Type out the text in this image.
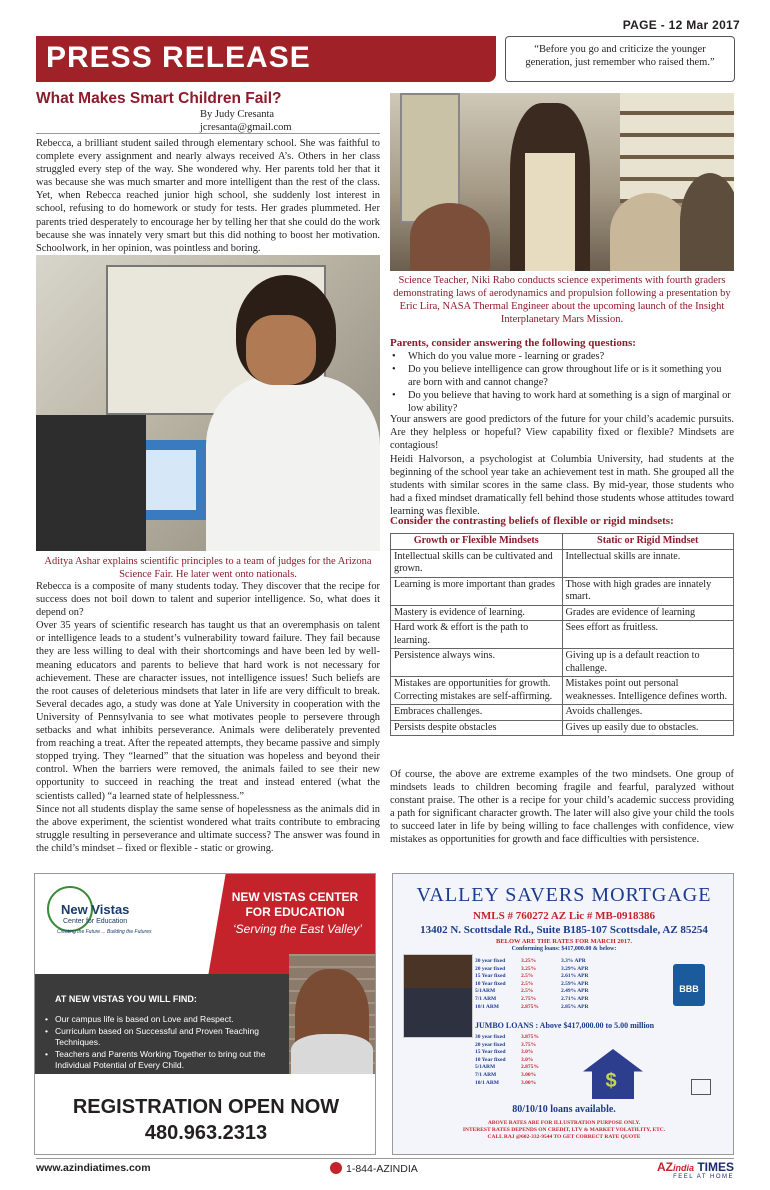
PAGE - 12 Mar 2017
PRESS RELEASE	“Before you go and criticize the younger generation, just remember who raised them.”
What Makes Smart Children Fail?
By Judy Cresanta
jcresanta@gmail.com
Rebecca, a brilliant student sailed through elementary school. She was faithful to complete every assignment and nearly always received A’s. Others in her class struggled every step of the way. She wondered why. Her parents told her that it was because she was much smarter and more intelligent than the rest of the class. Yet, when Rebecca reached junior high school, she suddenly lost interest in school, refusing to do homework or study for tests. Her grades plummeted. Her parents tried desperately to encourage her by telling her that she could do the work because she was innately very smart but this did nothing to boost her motivation. Schoolwork, in her opinion, was pointless and boring.
Aditya Ashar explains scientific principles to a team of judges for the Arizona Science Fair. He later went onto nationals.
Rebecca is a composite of many students today. They discover that the recipe for success does not boil down to talent and superior intelligence. So, what does it depend on?
Over 35 years of scientific research has taught us that an overemphasis on talent or intelligence leads to a student’s vulnerability toward failure. They fail because they are less willing to deal with their shortcomings and have been led by well-meaning educators and parents to believe that hard work is not necessary for achievement. These are character issues, not intelligence issues! Such beliefs are the root causes of deleterious mindsets that later in life are very difficult to break. Several decades ago, a study was done at Yale University in cooperation with the University of Pennsylvania to see what motivates people to persevere through setbacks and what inhibits perseverance. Animals were deliberately prevented from reaching a treat. After the repeated attempts, they became passive and simply stopped trying. They “learned” that the situation was hopeless and beyond their control. When the barriers were removed, the animals failed to see their new opportunity to succeed in reaching the treat and instead entered (what the scientists called) “a learned state of helplessness.”
Since not all students display the same sense of hopelessness as the animals did in the above experiment, the scientist wondered what traits contribute to embracing struggle resulting in perseverance and ultimate success? The answer was found in the child’s mindset – fixed or flexible - static or growing.
Science Teacher, Niki Rabo conducts science experiments with fourth graders demonstrating laws of aerodynamics and propulsion following a presentation by Eric Lira, NASA Thermal Engineer about the upcoming launch of the Insight Interplanetary Mars Mission.
Parents, consider answering the following questions:
• Which do you value more - learning or grades?
• Do you believe intelligence can grow throughout life or is it something you are born with and cannot change?
• Do you believe that having to work hard at something is a sign of marginal or low ability?
Your answers are good predictors of the future for your child’s academic pursuits. Are they helpless or hopeful? View capability fixed or flexible? Mindsets are contagious!
Heidi Halvorson, a psychologist at Columbia University, had students at the beginning of the school year take an achievement test in math. She grouped all the students with similar scores in the same class. By mid-year, those students who had a fixed mindset dramatically fell behind those students whose attitudes toward learning was flexible.
Consider the contrasting beliefs of flexible or rigid mindsets:
Growth or Flexible Mindsets	Static or Rigid Mindset
Intellectual skills can be cultivated and grown.	Intellectual skills are innate.
Learning is more important than grades	Those with high grades are innately smart.
Mastery is evidence of learning.	Grades are evidence of learning
Hard work & effort is the path to learning.	Sees effort as fruitless.
Persistence always wins.	Giving up is a default reaction to challenge.
Mistakes are opportunities for growth. Correcting mistakes are self-affirming.	Mistakes point out personal weaknesses. Intelligence defines worth.
Embraces challenges.	Avoids challenges.
Persists despite obstacles	Gives up easily due to obstacles.
Of course, the above are extreme examples of the two mindsets. One group of mindsets leads to children becoming fragile and fearful, paralyzed without constant praise. The other is a recipe for your child’s academic success providing a path for significant character growth. The later will also give your child the tools to succeed later in life by being willing to face challenges with confidence, view mistakes as opportunities for growth and face difficulties with persistence.
New Vistas
Center for Education
Creating the Future ... Building the Futures
NEW VISTAS CENTER FOR EDUCATION
‘Serving the East Valley’
AT NEW VISTAS YOU WILL FIND:
• Our campus life is based on Love and Respect.
• Curriculum based on Successful and Proven Teaching Techniques.
• Teachers and Parents Working Together to bring out the Individual Potential of Every Child.
REGISTRATION OPEN NOW
480.963.2313
VALLEY SAVERS MORTGAGE
NMLS # 760272 AZ Lic # MB-0918386
13402 N. Scottsdale Rd., Suite B185-107 Scottsdale, AZ 85254
BELOW ARE THE RATES FOR MARCH 2017.
Conforming loans: $417,000.00 & below:
30 year fixed	3.25%	3.3% APR
20 year fixed	3.25%	3.29% APR
15 Year fixed	2.5%	2.61% APR
10 Year fixed	2.5%	2.59% APR
5/1ARM	2.5%	2.49% APR
7/1 ARM	2.75%	2.71% APR
10/1 ARM	2.875%	2.85% APR
BBB
JUMBO LOANS : Above $417,000.00 to 5.00 million
30 year fixed	3.875%
20 year fixed	3.75%
15 Year fixed	3.0%
10 Year fixed	3.0%
5/1ARM	2.875%
7/1 ARM	3.00%
10/1 ARM	3.00%	$
80/10/10 loans available.
ABOVE RATES ARE FOR ILLUSTRATION PURPOSE ONLY.
INTEREST RATES DEPENDS ON CREDIT, LTV & MARKET VOLATILITY, ETC.
CALL RAJ @602-332-9544 TO GET CORRECT RATE QUOTE
www.azindiatimes.com	1-844-AZINDIA	AZindia TIMES
FEEL AT HOME
